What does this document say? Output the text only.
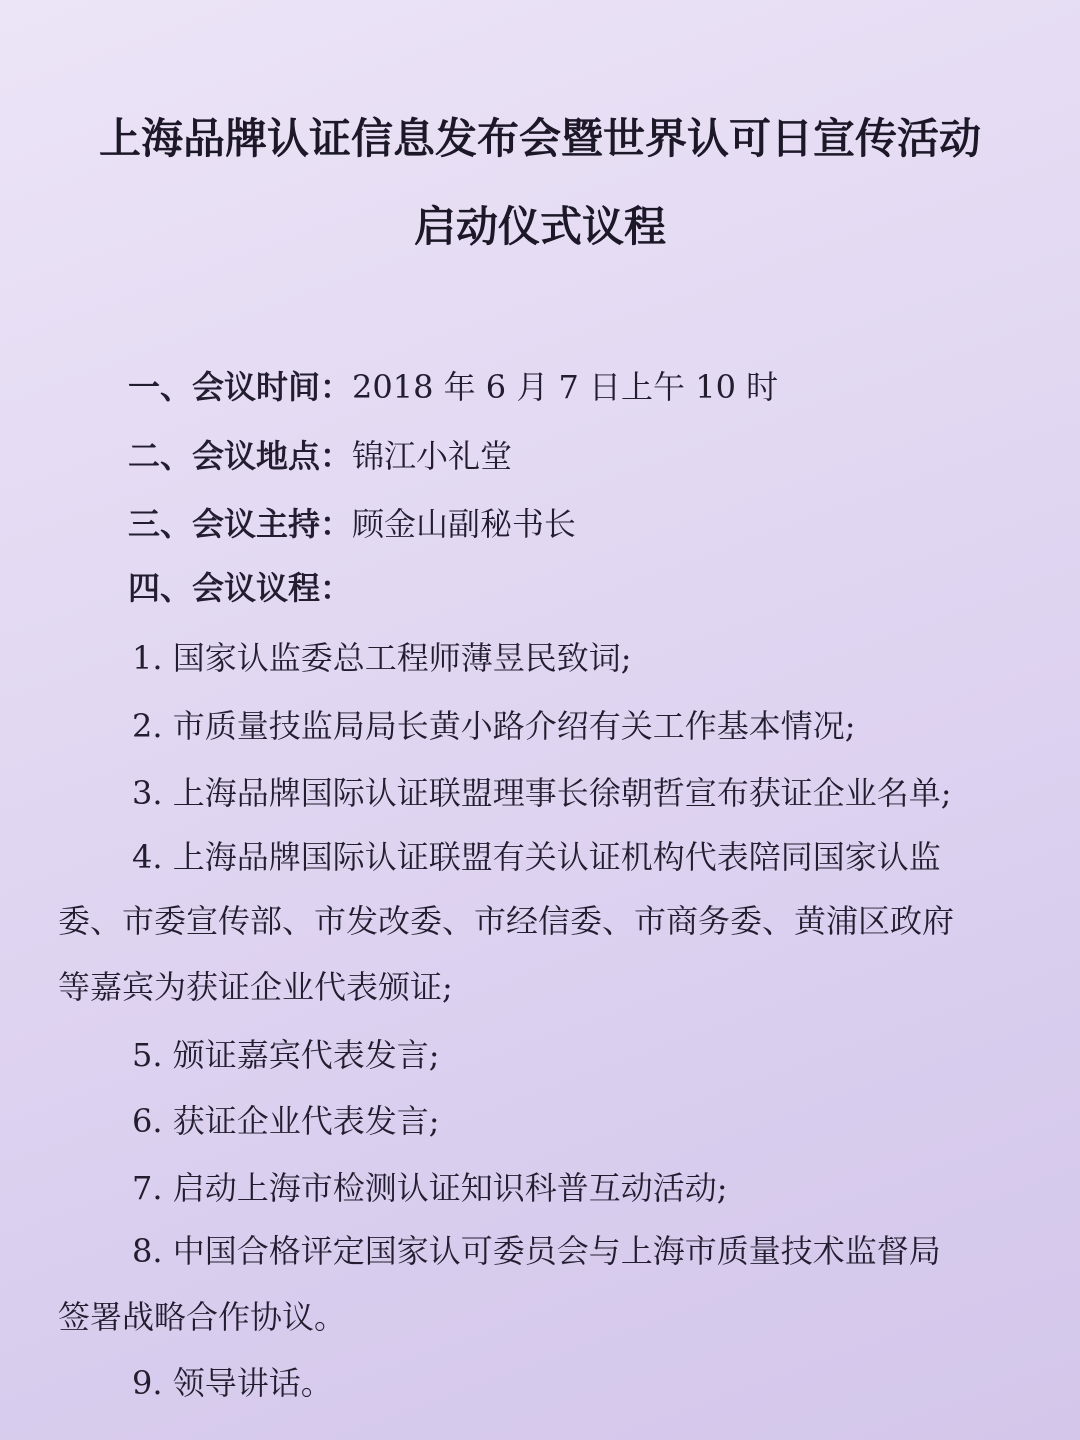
上海品牌认证信息发布会暨世界认可日宣传活动
启动仪式议程
一、会议时间：2018 年 6 月 7 日上午 10 时
二、会议地点：锦江小礼堂
三、会议主持：顾金山副秘书长
四、会议议程：
1. 国家认监委总工程师薄昱民致词;
2. 市质量技监局局长黄小路介绍有关工作基本情况;
3. 上海品牌国际认证联盟理事长徐朝哲宣布获证企业名单;
4. 上海品牌国际认证联盟有关认证机构代表陪同国家认监
委、市委宣传部、市发改委、市经信委、市商务委、黄浦区政府
等嘉宾为获证企业代表颁证;
5. 颁证嘉宾代表发言;
6. 获证企业代表发言;
7. 启动上海市检测认证知识科普互动活动;
8. 中国合格评定国家认可委员会与上海市质量技术监督局
签署战略合作协议。
9. 领导讲话。
